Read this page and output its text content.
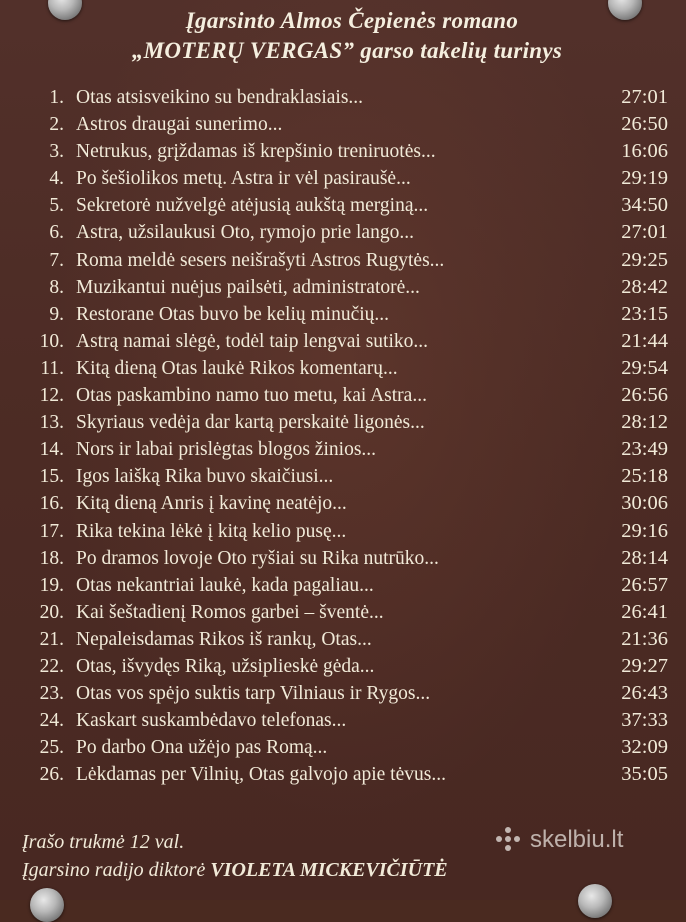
Įgarsinto Almos Čepienės romano
„MOTERŲ VERGAS” garso takelių turinys
1. Otas atsisveikino su bendraklasiais...	27:01
2. Astros draugai sunerimo...	26:50
3. Netrukus, grįždamas iš krepšinio treniruotės...	16:06
4. Po šešiolikos metų. Astra ir vėl pasiraušė...	29:19
5. Sekretorė nužvelgė atėjusią aukštą merginą...	34:50
6. Astra, užsilaukusi Oto, rymojo prie lango...	27:01
7. Roma meldė sesers neišrašyti Astros Rugytės...	29:25
8. Muzikantui nuėjus pailsėti, administratorė...	28:42
9. Restorane Otas buvo be kelių minučių...	23:15
10. Astrą namai slėgė, todėl taip lengvai sutiko...	21:44
11. Kitą dieną Otas laukė Rikos komentarų...	29:54
12. Otas paskambino namo tuo metu, kai Astra...	26:56
13. Skyriaus vedėja dar kartą perskaitė ligonės...	28:12
14. Nors ir labai prislėgtas blogos žinios...	23:49
15. Igos laišką Rika buvo skaičiusi...	25:18
16. Kitą dieną Anris į kavinę neatėjo...	30:06
17. Rika tekina lėkė į kitą kelio pusę...	29:16
18. Po dramos lovoje Oto ryšiai su Rika nutrūko...	28:14
19. Otas nekantriai laukė, kada pagaliau...	26:57
20. Kai šeštadienį Romos garbei – šventė...	26:41
21. Nepaleisdamas Rikos iš rankų, Otas...	21:36
22. Otas, išvydęs Riką, užsiplieskė gėda...	29:27
23. Otas vos spėjo suktis tarp Vilniaus ir Rygos...	26:43
24. Kaskart suskambėdavo telefonas...	37:33
25. Po darbo Ona užėjo pas Romą...	32:09
26. Lėkdamas per Vilnių, Otas galvojo apie tėvus...	35:05
Įrašo trukmė 12 val.
Įgarsino radijo diktorė VIOLETA MICKEVIČIŪTĖ
skelbiu.lt
